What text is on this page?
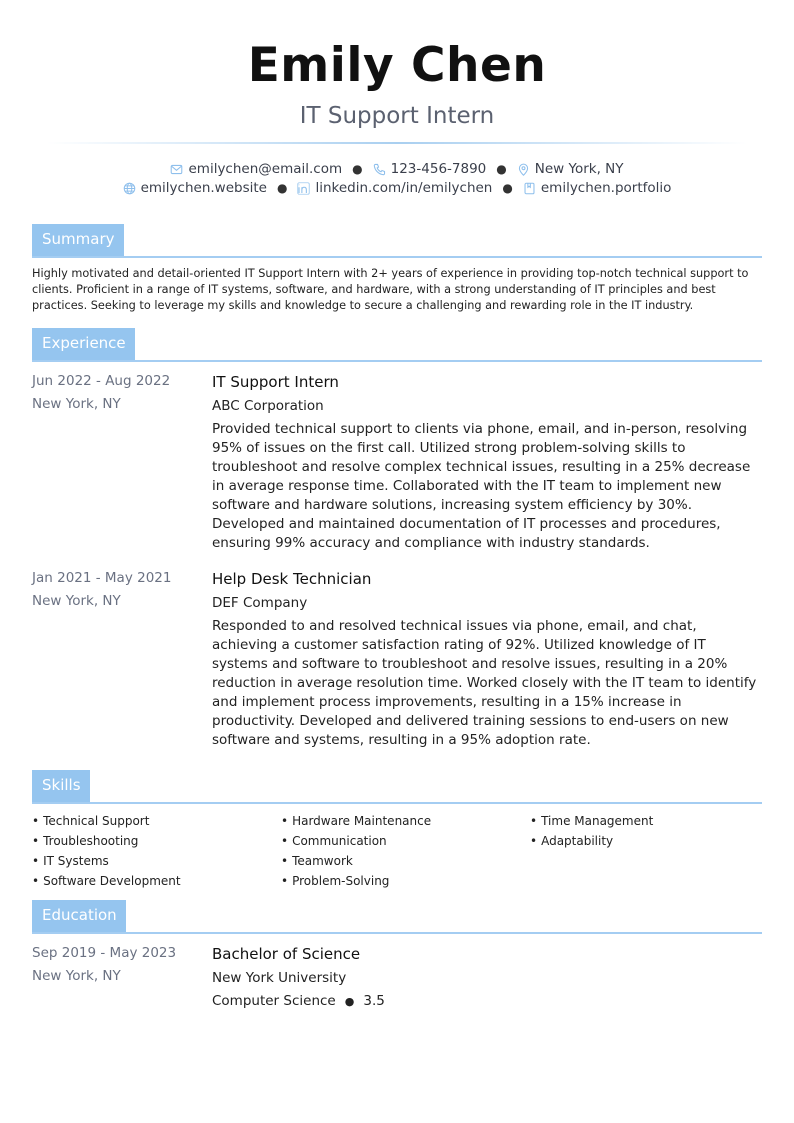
Emily Chen
IT Support Intern
emilychen@email.com ● 123-456-7890 ● New York, NY
emilychen.website ● linkedin.com/in/emilychen ● emilychen.portfolio
Summary

Highly motivated and detail-oriented IT Support Intern with 2+ years of experience in providing top-notch technical support to clients. Proficient in a range of IT systems, software, and hardware, with a strong understanding of IT principles and best practices. Seeking to leverage my skills and knowledge to secure a challenging and rewarding role in the IT industry.

Experience
Jun 2022 - Aug 2022
New York, NY
IT Support Intern
ABC Corporation
Provided technical support to clients via phone, email, and in-person, resolving 95% of issues on the first call. Utilized strong problem-solving skills to troubleshoot and resolve complex technical issues, resulting in a 25% decrease in average response time. Collaborated with the IT team to implement new software and hardware solutions, increasing system efficiency by 30%. Developed and maintained documentation of IT processes and procedures, ensuring 99% accuracy and compliance with industry standards.
Jan 2021 - May 2021
New York, NY
Help Desk Technician
DEF Company
Responded to and resolved technical issues via phone, email, and chat, achieving a customer satisfaction rating of 92%. Utilized knowledge of IT systems and software to troubleshoot and resolve issues, resulting in a 20% reduction in average resolution time. Worked closely with the IT team to identify and implement process improvements, resulting in a 15% increase in productivity. Developed and delivered training sessions to end-users on new software and systems, resulting in a 95% adoption rate.
Skills
• Technical Support	• Hardware Maintenance	• Time Management
• Troubleshooting	• Communication	• Adaptability
• IT Systems	• Teamwork
• Software Development	• Problem-Solving
Education
Sep 2019 - May 2023
New York, NY
Bachelor of Science
New York University
Computer Science ● 3.5
